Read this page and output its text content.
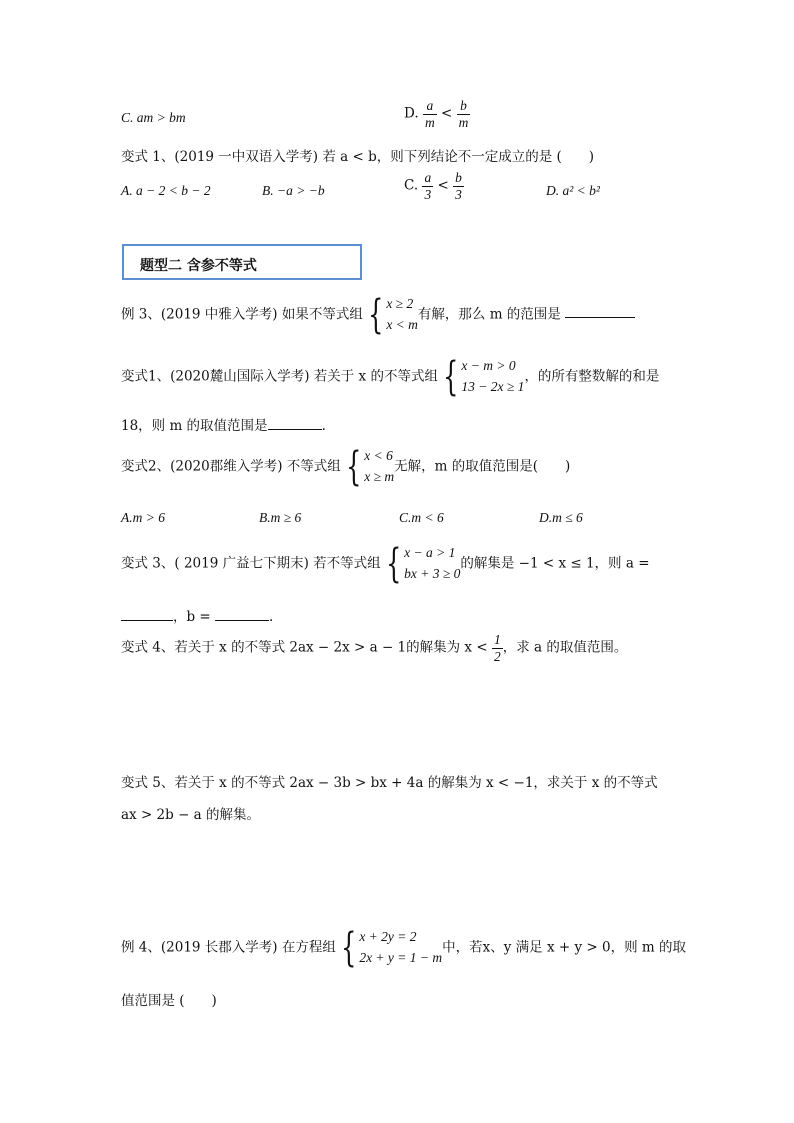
C. am > bm	D. $\frac{a}{m} < \frac{b}{m}$
变式 1、(2019 一中双语入学考) 若 a < b，则下列结论不一定成立的是 (　　)
A. a − 2 < b − 2	B. −a > −b	C. $\frac{a}{3} < \frac{b}{3}$	D. a² < b²
题型二 含参不等式
例 3、(2019 中雅入学考) 如果不等式组 { x ≥ 2
x < m
有解，那么 m 的范围是
变式1、(2020麓山国际入学考) 若关于 x 的不等式组 { x − m > 0
13 − 2x ≥ 1
，的所有整数解的和是
18，则 m 的取值范围是	.
变式2、(2020郡维入学考) 不等式组 { x < 6
x ≥ m
无解，m 的取值范围是(　　)
A.m > 6	B.m ≥ 6	C.m < 6	D.m ≤ 6
变式 3、( 2019 广益七下期末) 若不等式组 { x − a > 1
bx + 3 ≥ 0
的解集是 −1 < x ≤ 1，则 a =
，b =	.
变式 4、若关于 x 的不等式 2ax − 2x > a − 1的解集为 $x < \frac{1}{2}$ ，求 a 的取值范围。
变式 5、若关于 x 的不等式 2ax − 3b > bx + 4a 的解集为 x < −1，求关于 x 的不等式
ax > 2b − a 的解集。
例 4、(2019 长郡入学考) 在方程组 { x + 2y = 2
2x + y = 1 − m
中，若x、y 满足 x + y > 0，则 m 的取
值范围是 (　　)
